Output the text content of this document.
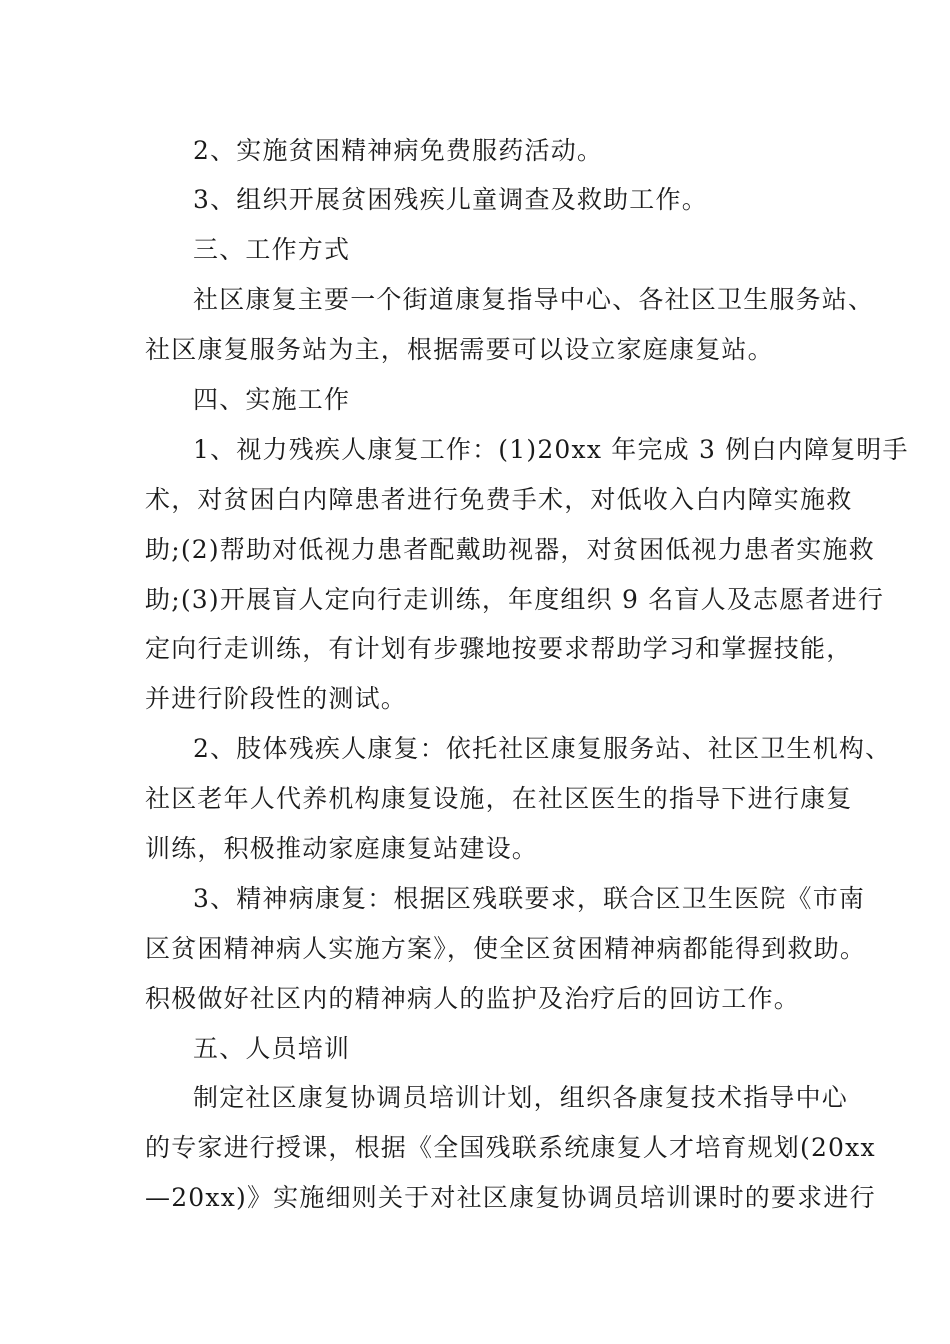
2、实施贫困精神病免费服药活动。
3、组织开展贫困残疾儿童调查及救助工作。
三、工作方式
社区康复主要一个街道康复指导中心、各社区卫生服务站、
社区康复服务站为主，根据需要可以设立家庭康复站。
四、实施工作
1、视力残疾人康复工作：(1)20xx 年完成 3 例白内障复明手
术，对贫困白内障患者进行免费手术，对低收入白内障实施救
助;(2)帮助对低视力患者配戴助视器，对贫困低视力患者实施救
助;(3)开展盲人定向行走训练，年度组织 9 名盲人及志愿者进行
定向行走训练，有计划有步骤地按要求帮助学习和掌握技能，
并进行阶段性的测试。
2、肢体残疾人康复：依托社区康复服务站、社区卫生机构、
社区老年人代养机构康复设施，在社区医生的指导下进行康复
训练，积极推动家庭康复站建设。
3、精神病康复：根据区残联要求，联合区卫生医院《市南
区贫困精神病人实施方案》，使全区贫困精神病都能得到救助。
积极做好社区内的精神病人的监护及治疗后的回访工作。
五、人员培训
制定社区康复协调员培训计划，组织各康复技术指导中心
的专家进行授课，根据《全国残联系统康复人才培育规划(20xx
—20xx)》实施细则关于对社区康复协调员培训课时的要求进行
